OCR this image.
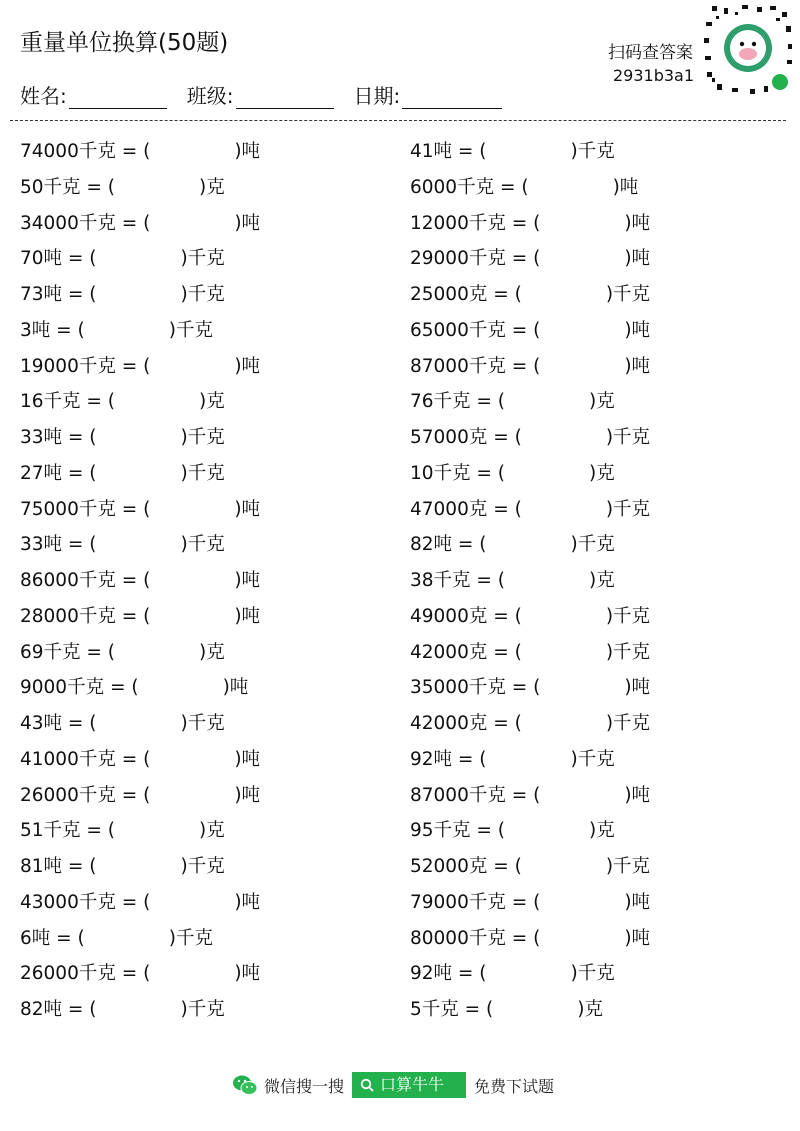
重量单位换算(50题)
姓名:	班级:	日期:
扫码查答案
2931b3a1
74000千克 = (	)吨
50千克 = (	)克
34000千克 = (	)吨
70吨 = (	)千克
73吨 = (	)千克
3吨 = (	)千克
19000千克 = (	)吨
16千克 = (	)克
33吨 = (	)千克
27吨 = (	)千克
75000千克 = (	)吨
33吨 = (	)千克
86000千克 = (	)吨
28000千克 = (	)吨
69千克 = (	)克
9000千克 = (	)吨
43吨 = (	)千克
41000千克 = (	)吨
26000千克 = (	)吨
51千克 = (	)克
81吨 = (	)千克
43000千克 = (	)吨
6吨 = (	)千克
26000千克 = (	)吨
82吨 = (	)千克
41吨 = (	)千克
6000千克 = (	)吨
12000千克 = (	)吨
29000千克 = (	)吨
25000克 = (	)千克
65000千克 = (	)吨
87000千克 = (	)吨
76千克 = (	)克
57000克 = (	)千克
10千克 = (	)克
47000克 = (	)千克
82吨 = (	)千克
38千克 = (	)克
49000克 = (	)千克
42000克 = (	)千克
35000千克 = (	)吨
42000克 = (	)千克
92吨 = (	)千克
87000千克 = (	)吨
95千克 = (	)克
52000克 = (	)千克
79000千克 = (	)吨
80000千克 = (	)吨
92吨 = (	)千克
5千克 = (	)克
微信搜一搜 口算牛牛 免费下试题
